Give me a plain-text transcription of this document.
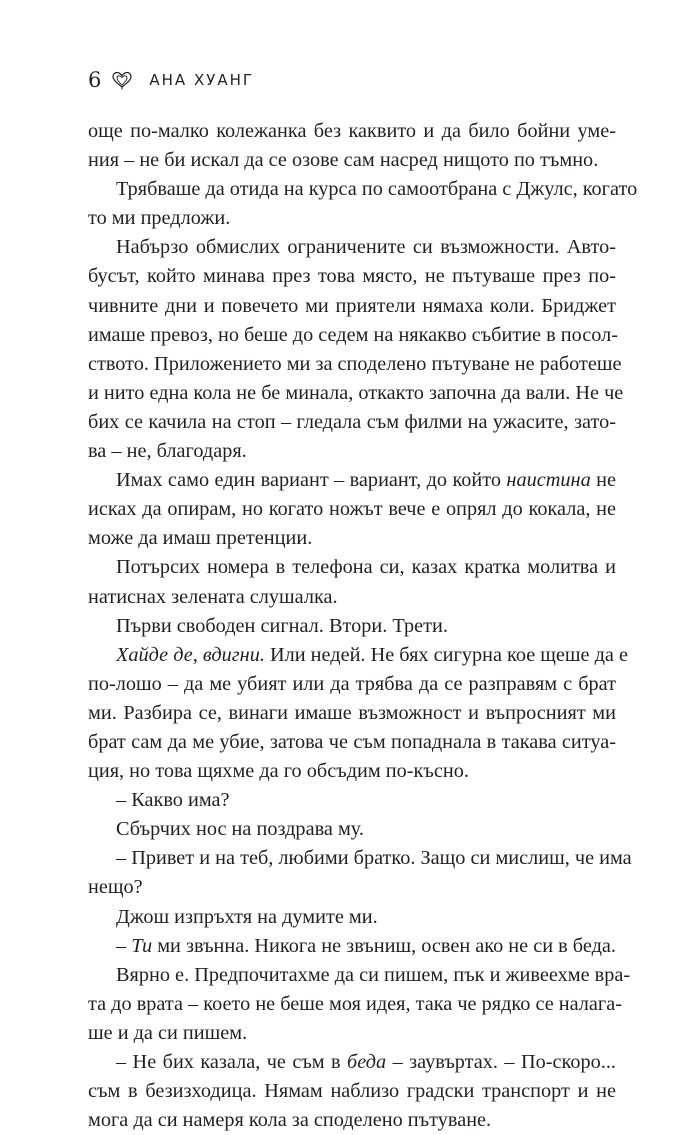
6	АНА ХУАНГ
още по-малко колежанка без каквито и да било бойни уме-
ния – не би искал да се озове сам насред нищото по тъмно.
Трябваше да отида на курса по самоотбрана с Джулс, когато
то ми предложи.
Набързо обмислих ограничените си възможности. Авто-
бусът, който минава през това място, не пътуваше през по-
чивните дни и повечето ми приятели нямаха коли. Бриджет
имаше превоз, но беше до седем на някакво събитие в посол-
ството. Приложението ми за споделено пътуване не работеше
и нито една кола не бе минала, откакто започна да вали. Не че
бих се качила на стоп – гледала съм филми на ужасите, зато-
ва – не, благодаря.
Имах само един вариант – вариант, до който наистина не
исках да опирам, но когато ножът вече е опрял до кокала, не
може да имаш претенции.
Потърсих номера в телефона си, казах кратка молитва и
натиснах зелената слушалка.
Първи свободен сигнал. Втори. Трети.
Хайде де, вдигни. Или недей. Не бях сигурна кое щеше да е
по-лошо – да ме убият или да трябва да се разправям с брат
ми. Разбира се, винаги имаше възможност и въпросният ми
брат сам да ме убие, затова че съм попаднала в такава ситуа-
ция, но това щяхме да го обсъдим по-късно.
– Какво има?
Сбърчих нос на поздрава му.
– Привет и на теб, любими братко. Защо си мислиш, че има
нещо?
Джош изпръхтя на думите ми.
– Ти ми звънна. Никога не звъниш, освен ако не си в беда.
Вярно е. Предпочитахме да си пишем, пък и живеехме вра-
та до врата – което не беше моя идея, така че рядко се налага-
ше и да си пишем.
– Не бих казала, че съм в беда – заувъртах. – По-скоро...
съм в безизходица. Нямам наблизо градски транспорт и не
мога да си намеря кола за споделено пътуване.
